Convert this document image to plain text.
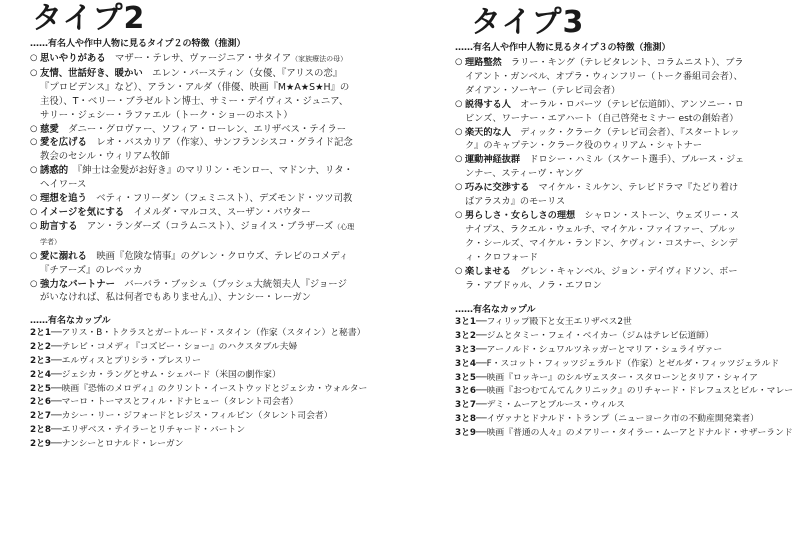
タイプ2
……有名人や作中人物に見るタイプ２の特徴（推測）
○ 思いやりがある　マザー・テレサ、ヴァージニア・サタイア（家族療法の母）
○ 友情、世話好き、暖かい　エレン・バースティン（女優、『アリスの恋』『プロビデンス』など）、アラン・アルダ（俳優、映画『M★A★S★H』の主役）、T・ベリー・ブラゼルトン博士、サミー・デイヴィス・ジュニア、サリー・ジェシー・ラファエル（トーク・ショーのホスト）
○ 慈愛　ダニー・グロヴァー、ソフィア・ローレン、エリザベス・テイラー
○ 愛を広げる　レオ・バスカリア（作家）、サンフランシスコ・グライド記念教会のセシル・ウィリアム牧師
○ 誘惑的　『紳士は金髪がお好き』のマリリン・モンロー、マドンナ、リタ・ヘイワース
○ 理想を追う　ベティ・フリーダン（フェミニスト）、デズモンド・ツツ司教
○ イメージを気にする　イメルダ・マルコス、スーザン・パウター
○ 助言する　アン・ランダーズ（コラムニスト）、ジョイス・ブラザーズ（心理学者）
○ 愛に溺れる　映画『危険な情事』のグレン・クロウズ、テレビのコメディ『チアーズ』のレベッカ
○ 強力なパートナー　バーバラ・ブッシュ（ブッシュ大統領夫人『ジョージがいなければ、私は何者でもありません』）、ナンシー・レーガン
……有名なカップル
2と1──アリス・B・トクラスとガートルード・スタイン（作家（スタイン）と秘書）
2と2──テレビ・コメディ『コズビー・ショー』のハクスタブル夫婦
2と3──エルヴィスとプリシラ・プレスリー
2と4──ジェシカ・ラングとサム・シェパード（米国の劇作家）
2と5──映画『恐怖のメロディ』のクリント・イーストウッドとジェシカ・ウォルター
2と6──マーロ・トーマスとフィル・ドナヒュー（タレント司会者）
2と7──カシー・リー・ジフォードとレジス・フィルビン（タレント司会者）
2と8──エリザベス・テイラーとリチャード・バートン
2と9──ナンシーとロナルド・レーガン
タイプ3
……有名人や作中人物に見るタイプ３の特徴（推測）
○ 理路整然　ラリー・キング（テレビタレント、コラムニスト）、ブライアント・ガンベル、オプラ・ウィンフリー（トーク番組司会者）、ダイアン・ソーヤー（テレビ司会者）
○ 説得する人　オーラル・ロバーツ（テレビ伝道師）、アンソニー・ロビンズ、ワーナー・エアハート（自己啓発セミナー estの創始者）
○ 楽天的な人　ディック・クラーク（テレビ司会者）、『スタートレック』のキャプテン・クラーク役のウィリアム・シャトナー
○ 運動神経抜群　ドロシー・ハミル（スケート選手）、ブルース・ジェンナー、スティーヴ・ヤング
○ 巧みに交渉する　マイケル・ミルケン、テレビドラマ『たどり着けばアラスカ』のモーリス
○ 男らしさ・女らしさの理想　シャロン・ストーン、ウェズリー・スナイプス、ラクエル・ウェルチ、マイケル・ファイファー、ブルック・シールズ、マイケル・ランドン、ケヴィン・コスナー、シンディ・クロフォード
○ 楽しませる　グレン・キャンベル、ジョン・デイヴィドソン、ボーラ・アブドゥル、ノラ・エフロン
……有名なカップル
3と1──フィリップ殿下と女王エリザベス2世
3と2──ジムとタミー・フェイ・ベイカー（ジムはテレビ伝道師）
3と3──アーノルド・シュワルツネッガーとマリア・シュライヴァー
3と4──F・スコット・フィッツジェラルド（作家）とゼルダ・フィッツジェラルド
3と5──映画『ロッキー』のシルヴェスター・スタローンとタリア・シャイア
3と6──映画『おつむてんてんクリニック』のリチャード・ドレフュスとビル・マレー
3と7──デミ・ムーアとブルース・ウィルス
3と8──イヴァナとドナルド・トランプ（ニューヨーク市の不動産開発業者）
3と9──映画『普通の人々』のメアリー・タイラー・ムーアとドナルド・サザーランド
